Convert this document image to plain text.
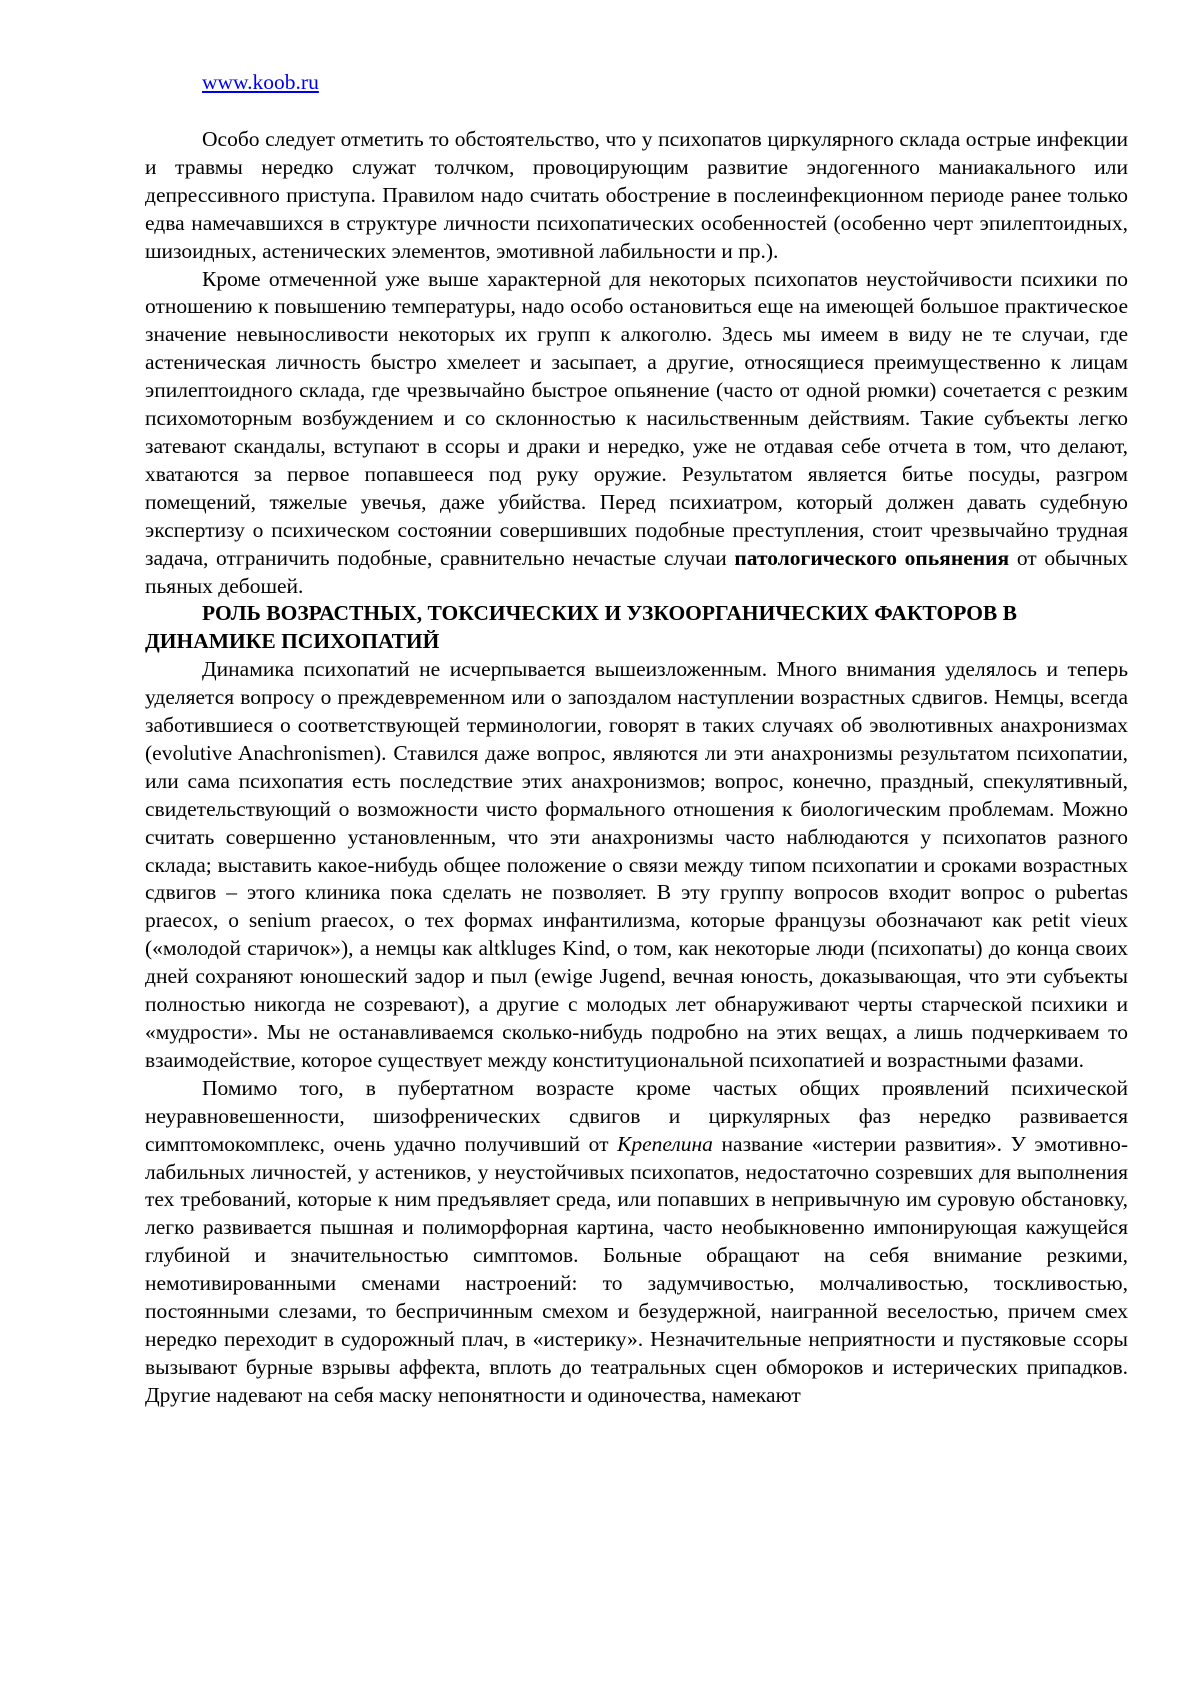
www.koob.ru

Особо следует отметить то обстоятельство, что у психопатов циркулярного склада острые инфекции и травмы нередко служат толчком, провоцирующим развитие эндогенного маниакального или депрессивного приступа. Правилом надо считать обострение в послеинфекционном периоде ранее только едва намечавшихся в структуре личности психопатических особенностей (особенно черт эпилептоидных, шизоидных, астенических элементов, эмотивной лабильности и пр.).

Кроме отмеченной уже выше характерной для некоторых психопатов неустойчивости психики по отношению к повышению температуры, надо особо остановиться еще на имеющей большое практическое значение невыносливости некоторых их групп к алкоголю. Здесь мы имеем в виду не те случаи, где астеническая личность быстро хмелеет и засыпает, а другие, относящиеся преимущественно к лицам эпилептоидного склада, где чрезвычайно быстрое опьянение (часто от одной рюмки) сочетается с резким психомоторным возбуждением и со склонностью к насильственным действиям. Такие субъекты легко затевают скандалы, вступают в ссоры и драки и нередко, уже не отдавая себе отчета в том, что делают, хватаются за первое попавшееся под руку оружие. Результатом является битье посуды, разгром помещений, тяжелые увечья, даже убийства. Перед психиатром, который должен давать судебную экспертизу о психическом состоянии совершивших подобные преступления, стоит чрезвычайно трудная задача, отграничить подобные, сравнительно нечастые случаи патологического опьянения от обычных пьяных дебошей.

РОЛЬ ВОЗРАСТНЫХ, ТОКСИЧЕСКИХ И УЗКООРГАНИЧЕСКИХ ФАКТОРОВ В ДИНАМИКЕ ПСИХОПАТИЙ

Динамика психопатий не исчерпывается вышеизложенным. Много внимания уделялось и теперь уделяется вопросу о преждевременном или о запоздалом наступлении возрастных сдвигов. Немцы, всегда заботившиеся о соответствующей терминологии, говорят в таких случаях об эволютивных анахронизмах (evolutive Anachronismen). Ставился даже вопрос, являются ли эти анахронизмы результатом психопатии, или сама психопатия есть последствие этих анахронизмов; вопрос, конечно, праздный, спекулятивный, свидетельствующий о возможности чисто формального отношения к биологическим проблемам. Можно считать совершенно установленным, что эти анахронизмы часто наблюдаются у психопатов разного склада; выставить какое-нибудь общее положение о связи между типом психопатии и сроками возрастных сдвигов – этого клиника пока сделать не позволяет. В эту группу вопросов входит вопрос о pubertas praecox, о senium praecox, о тех формах инфантилизма, которые французы обозначают как petit vieux («молодой старичок»), а немцы как altkluges Kind, о том, как некоторые люди (психопаты) до конца своих дней сохраняют юношеский задор и пыл (ewige Jugend, вечная юность, доказывающая, что эти субъекты полностью никогда не созревают), а другие с молодых лет обнаруживают черты старческой психики и «мудрости». Мы не останавливаемся сколько-нибудь подробно на этих вещах, а лишь подчеркиваем то взаимодействие, которое существует между конституциональной психопатией и возрастными фазами.

Помимо того, в пубертатном возрасте кроме частых общих проявлений психической неуравновешенности, шизофренических сдвигов и циркулярных фаз нередко развивается симптомокомплекс, очень удачно получивший от Крепелина название «истерии развития». У эмотивно-лабильных личностей, у астеников, у неустойчивых психопатов, недостаточно созревших для выполнения тех требований, которые к ним предъявляет среда, или попавших в непривычную им суровую обстановку, легко развивается пышная и полиморфорная картина, часто необыкновенно импонирующая кажущейся глубиной и значительностью симптомов. Больные обращают на себя внимание резкими, немотивированными сменами настроений: то задумчивостью, молчаливостью, тоскливостью, постоянными слезами, то беспричинным смехом и безудержной, наигранной веселостью, причем смех нередко переходит в судорожный плач, в «истерику». Незначительные неприятности и пустяковые ссоры вызывают бурные взрывы аффекта, вплоть до театральных сцен обмороков и истерических припадков. Другие надевают на себя маску непонятности и одиночества, намекают
